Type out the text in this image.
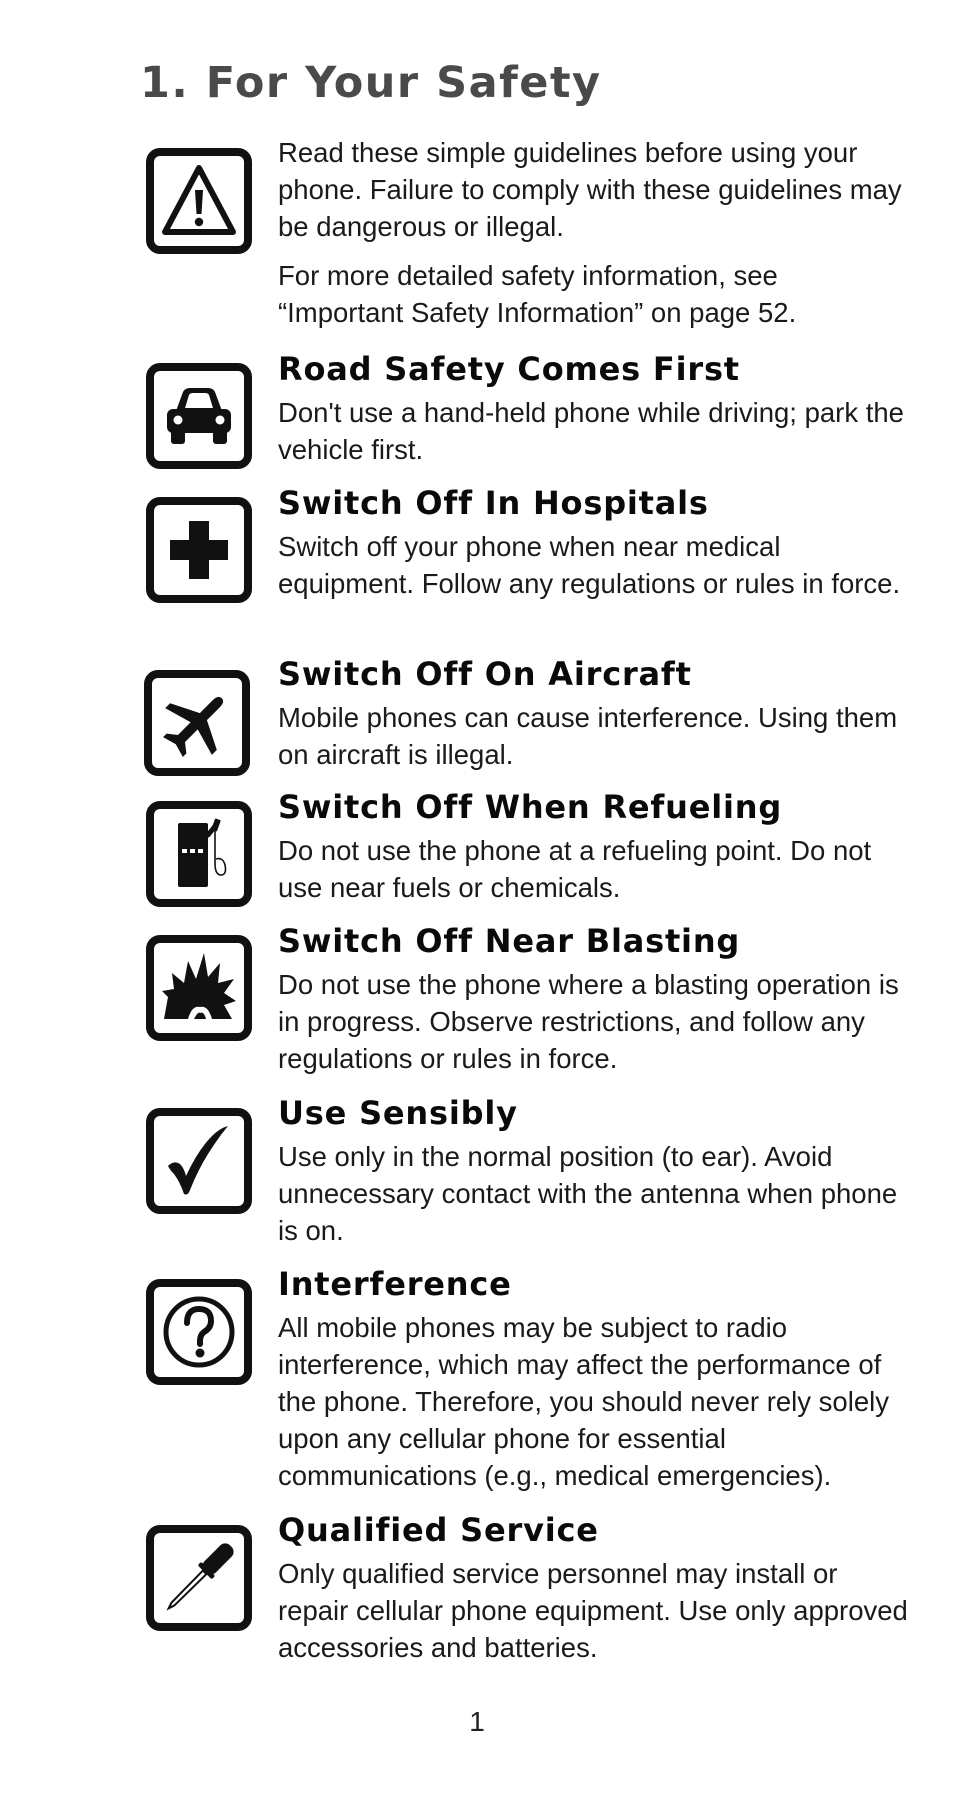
1. For Your Safety

Read these simple guidelines before using your phone. Failure to comply with these guidelines may be dangerous or illegal.

For more detailed safety information, see “Important Safety Information” on page 52.

Road Safety Comes First

Don't use a hand-held phone while driving; park the vehicle first.

Switch Off In Hospitals

Switch off your phone when near medical equipment. Follow any regulations or rules in force.

Switch Off On Aircraft

Mobile phones can cause interference. Using them on aircraft is illegal.

Switch Off When Refueling

Do not use the phone at a refueling point. Do not use near fuels or chemicals.

Switch Off Near Blasting

Do not use the phone where a blasting operation is in progress. Observe restrictions, and follow any regulations or rules in force.

Use Sensibly

Use only in the normal position (to ear). Avoid unnecessary contact with the antenna when phone is on.

Interference

All mobile phones may be subject to radio interference, which may affect the performance of the phone. Therefore, you should never rely solely upon any cellular phone for essential communications (e.g., medical emergencies).

Qualified Service

Only qualified service personnel may install or repair cellular phone equipment. Use only approved accessories and batteries.

1
